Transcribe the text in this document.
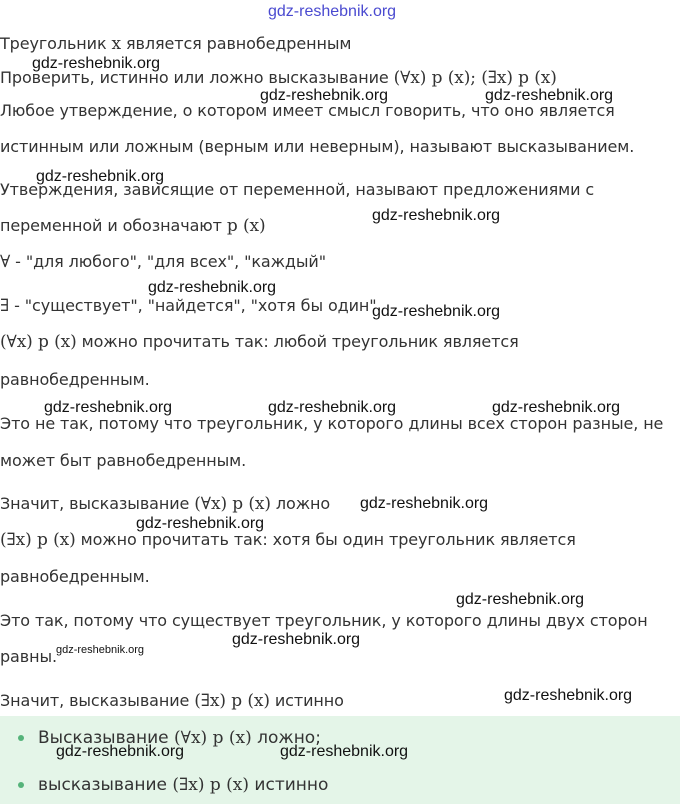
Треугольник x является равнобедренным
Проверить, истинно или ложно высказывание (∀x) p (x); (∃x) p (x)
Любое утверждение, о котором имеет смысл говорить, что оно является
истинным или ложным (верным или неверным), называют высказыванием.
Утверждения, зависящие от переменной, называют предложениями с
переменной и обозначают p (x)
∀ - "для любого", "для всех", "каждый"
∃ - "существует", "найдется", "хотя бы один"
(∀x) p (x) можно прочитать так: любой треугольник является
равнобедренным.
Это не так, потому что треугольник, у которого длины всех сторон разные, не
может быт равнобедренным.
Значит, высказывание (∀x) p (x) ложно
(∃x) p (x) можно прочитать так: хотя бы один треугольник является
равнобедренным.
Это так, потому что существует треугольник, у которого длины двух сторон
равны.
Значит, высказывание (∃x) p (x) истинно
Высказывание (∀x) p (x) ложно;
высказывание (∃x) p (x) истинно
gdz-reshebnik.org
gdz-reshebnik.org
gdz-reshebnik.org	gdz-reshebnik.org
gdz-reshebnik.org
gdz-reshebnik.org
gdz-reshebnik.org
gdz-reshebnik.org
gdz-reshebnik.org	gdz-reshebnik.org	gdz-reshebnik.org
gdz-reshebnik.org
gdz-reshebnik.org
gdz-reshebnik.org
gdz-reshebnik.org
gdz-reshebnik.org
gdz-reshebnik.org
gdz-reshebnik.org	gdz-reshebnik.org
